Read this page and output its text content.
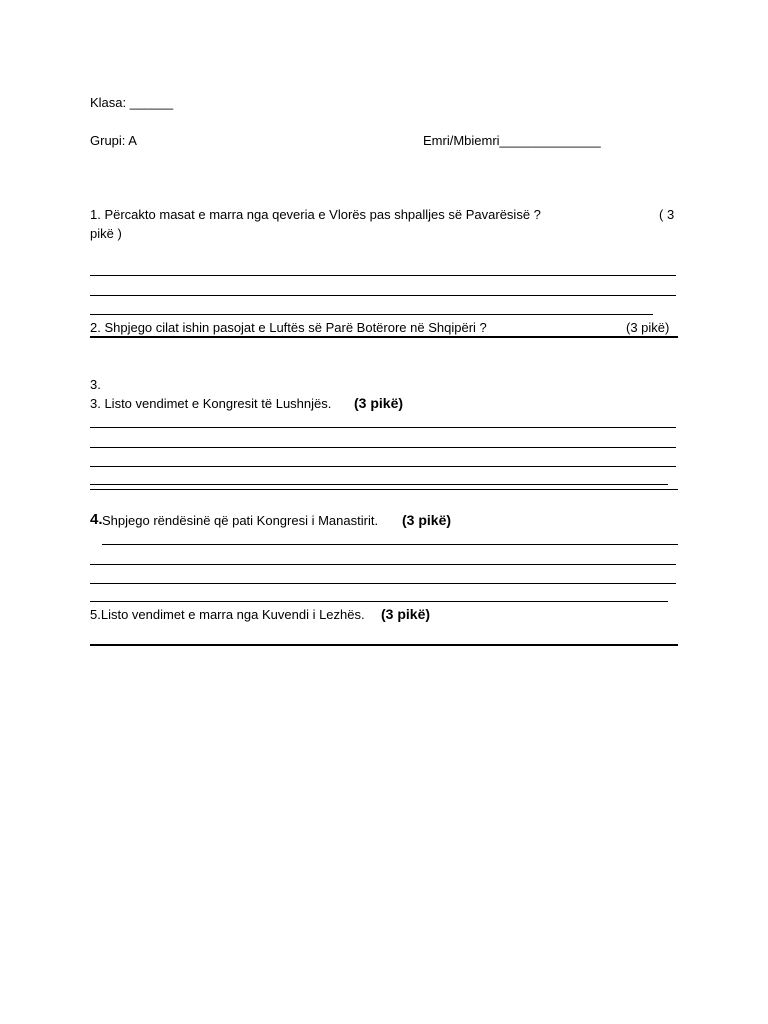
Klasa: ______
Grupi: A	Emri/Mbiemri______________
1. Përcakto masat e marra nga qeveria e Vlorës pas shpalljes së Pavarësisë ?	( 3
pikë )
2. Shpjego cilat ishin pasojat e Luftës së Parë Botërore në Shqipëri ?	(3 pikë)
3.
3. Listo vendimet e Kongresit të Lushnjës. (3 pikë)
4. Shpjego rëndësinë që pati Kongresi i Manastirit. (3 pikë)
5.Listo vendimet e marra nga Kuvendi i Lezhës. (3 pikë)
